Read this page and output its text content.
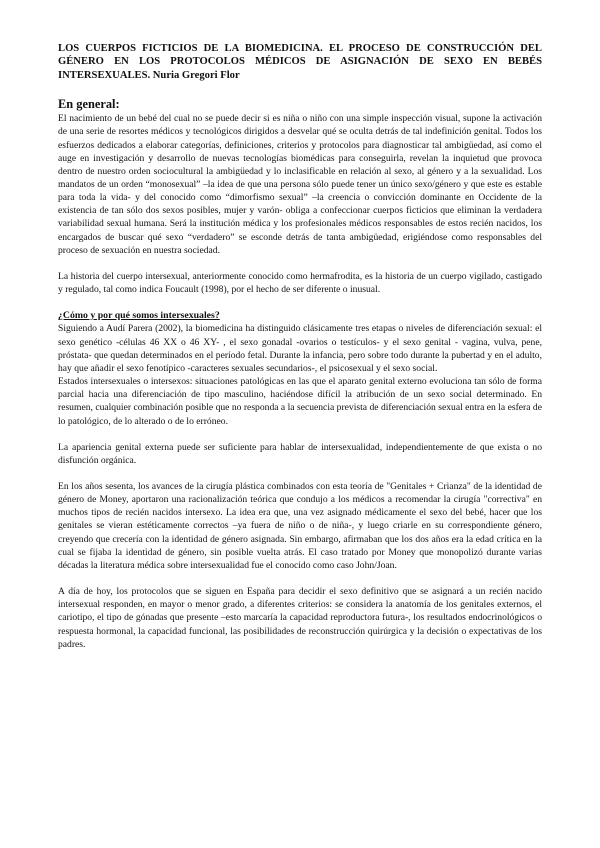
LOS CUERPOS FICTICIOS DE LA BIOMEDICINA. EL PROCESO DE CONSTRUCCIÓN DEL GÉNERO EN LOS PROTOCOLOS MÉDICOS DE ASIGNACIÓN DE SEXO EN BEBÉS INTERSEXUALES. Nuria Gregori Flor
En general:

El nacimiento de un bebé del cual no se puede decir si es niña o niño con una simple inspección visual, supone la activación de una serie de resortes médicos y tecnológicos dirigidos a desvelar qué se oculta detrás de tal indefinición genital. Todos los esfuerzos dedicados a elaborar categorías, definiciones, criterios y protocolos para diagnosticar tal ambigüedad, así como el auge en investigación y desarrollo de nuevas tecnologías biomédicas para conseguirla, revelan la inquietud que provoca dentro de nuestro orden sociocultural la ambigüedad y lo inclasificable en relación al sexo, al género y a la sexualidad. Los mandatos de un orden “monosexual” –la idea de que una persona sólo puede tener un único sexo/género y que este es estable para toda la vida- y del conocido como “dimorfismo sexual” –la creencia o convicción dominante en Occidente de la existencia de tan sólo dos sexos posibles, mujer y varón- obliga a confeccionar cuerpos ficticios que eliminan la verdadera variabilidad sexual humana. Será la institución médica y los profesionales médicos responsables de estos recién nacidos, los encargados de buscar qué sexo “verdadero” se esconde detrás de tanta ambigüedad, erigiéndose como responsables del proceso de sexuación en nuestra sociedad.

La historia del cuerpo intersexual, anteriormente conocido como hermafrodita, es la historia de un cuerpo vigilado, castigado y regulado, tal como indica Foucault (1998), por el hecho de ser diferente o inusual.

¿Cómo y por qué somos intersexuales?

Siguiendo a Audí Parera (2002), la biomedicina ha distinguido clásicamente tres etapas o niveles de diferenciación sexual: el sexo genético -células 46 XX o 46 XY- , el sexo gonadal -ovarios o testículos- y el sexo genital - vagina, vulva, pene, próstata- que quedan determinados en el período fetal. Durante la infancia, pero sobre todo durante la pubertad y en el adulto, hay que añadir el sexo fenotípico -caracteres sexuales secundarios-, el psicosexual y el sexo social.

Estados intersexuales o intersexos: situaciones patológicas en las que el aparato genital externo evoluciona tan sólo de forma parcial hacia una diferenciación de tipo masculino, haciéndose difícil la atribución de un sexo social determinado. En resumen, cualquier combinación posible que no responda a la secuencia prevista de diferenciación sexual entra en la esfera de lo patológico, de lo alterado o de lo erróneo.

La apariencia genital externa puede ser suficiente para hablar de intersexualidad, independientemente de que exista o no disfunción orgánica.

En los años sesenta, los avances de la cirugía plástica combinados con esta teoría de "Genitales + Crianza" de la identidad de género de Money, aportaron una racionalización teórica que condujo a los médicos a recomendar la cirugía "correctiva" en muchos tipos de recién nacidos intersexo. La idea era que, una vez asignado médicamente el sexo del bebé, hacer que los genitales se vieran estéticamente correctos –ya fuera de niño o de niña-, y luego criarle en su correspondiente género, creyendo que crecería con la identidad de género asignada. Sin embargo, afirmaban que los dos años era la edad crítica en la cual se fijaba la identidad de género, sin posible vuelta atrás. El caso tratado por Money que monopolizó durante varias décadas la literatura médica sobre intersexualidad fue el conocido como caso John/Joan.

A día de hoy, los protocolos que se siguen en España para decidir el sexo definitivo que se asignará a un recién nacido intersexual responden, en mayor o menor grado, a diferentes criterios: se considera la anatomía de los genitales externos, el cariotipo, el tipo de gónadas que presente –esto marcaría la capacidad reproductora futura-, los resultados endocrinológicos o respuesta hormonal, la capacidad funcional, las posibilidades de reconstrucción quirúrgica y la decisión o expectativas de los padres.
